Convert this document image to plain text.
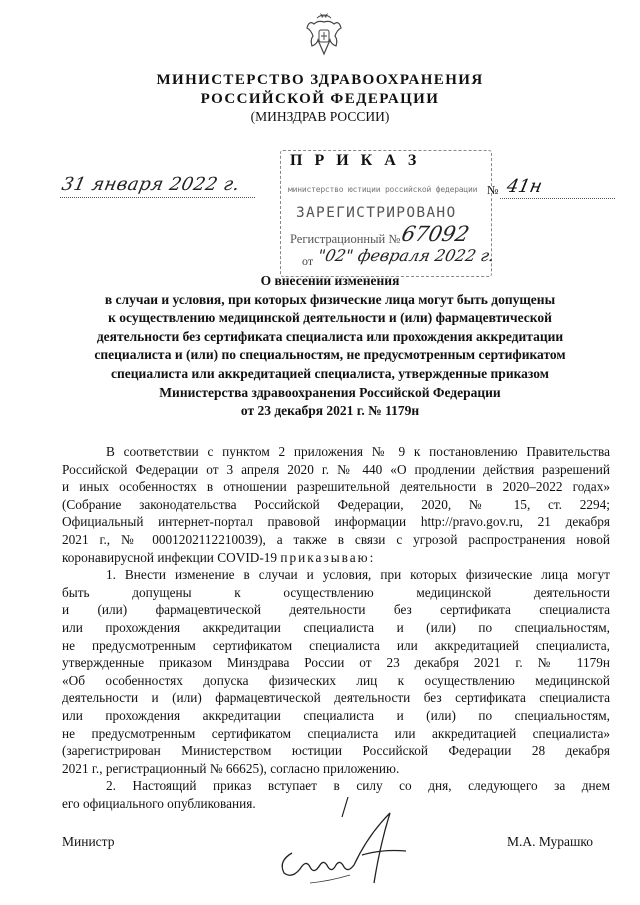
МИНИСТЕРСТВО ЗДРАВООХРАНЕНИЯ
РОССИЙСКОЙ ФЕДЕРАЦИИ
(МИНЗДРАВ РОССИИ)
П Р И К А З
31 января 2022 г.	министерство юстиции российской федерации № 41н
ЗАРЕГИСТРИРОВАНО
Регистрационный № 67092
от "02" февраля 2022 г.
О внесении изменения
в случаи и условия, при которых физические лица могут быть допущены
к осуществлению медицинской деятельности и (или) фармацевтической
деятельности без сертификата специалиста или прохождения аккредитации
специалиста и (или) по специальностям, не предусмотренным сертификатом
специалиста или аккредитацией специалиста, утвержденные приказом
Министерства здравоохранения Российской Федерации
от 23 декабря 2021 г. № 1179н
В соответствии с пунктом 2 приложения № 9 к постановлению Правительства
Российской Федерации от 3 апреля 2020 г. № 440 «О продлении действия разрешений
и иных особенностях в отношении разрешительной деятельности в 2020–2022 годах»
(Собрание законодательства Российской Федерации, 2020, № 15, ст. 2294;
Официальный интернет-портал правовой информации http://pravo.gov.ru, 21 декабря
2021 г., № 0001202112210039), а также в связи с угрозой распространения новой
коронавирусной инфекции COVID-19 приказываю:
1. Внести изменение в случаи и условия, при которых физические лица могут
быть допущены к осуществлению медицинской деятельности
и (или) фармацевтической деятельности без сертификата специалиста
или прохождения аккредитации специалиста и (или) по специальностям,
не предусмотренным сертификатом специалиста или аккредитацией специалиста,
утвержденные приказом Минздрава России от 23 декабря 2021 г. № 1179н
«Об особенностях допуска физических лиц к осуществлению медицинской
деятельности и (или) фармацевтической деятельности без сертификата специалиста
или прохождения аккредитации специалиста и (или) по специальностям,
не предусмотренным сертификатом специалиста или аккредитацией специалиста»
(зарегистрирован Министерством юстиции Российской Федерации 28 декабря
2021 г., регистрационный № 66625), согласно приложению.
2. Настоящий приказ вступает в силу со дня, следующего за днем
его официального опубликования.
Министр	М.А. Мурашко
